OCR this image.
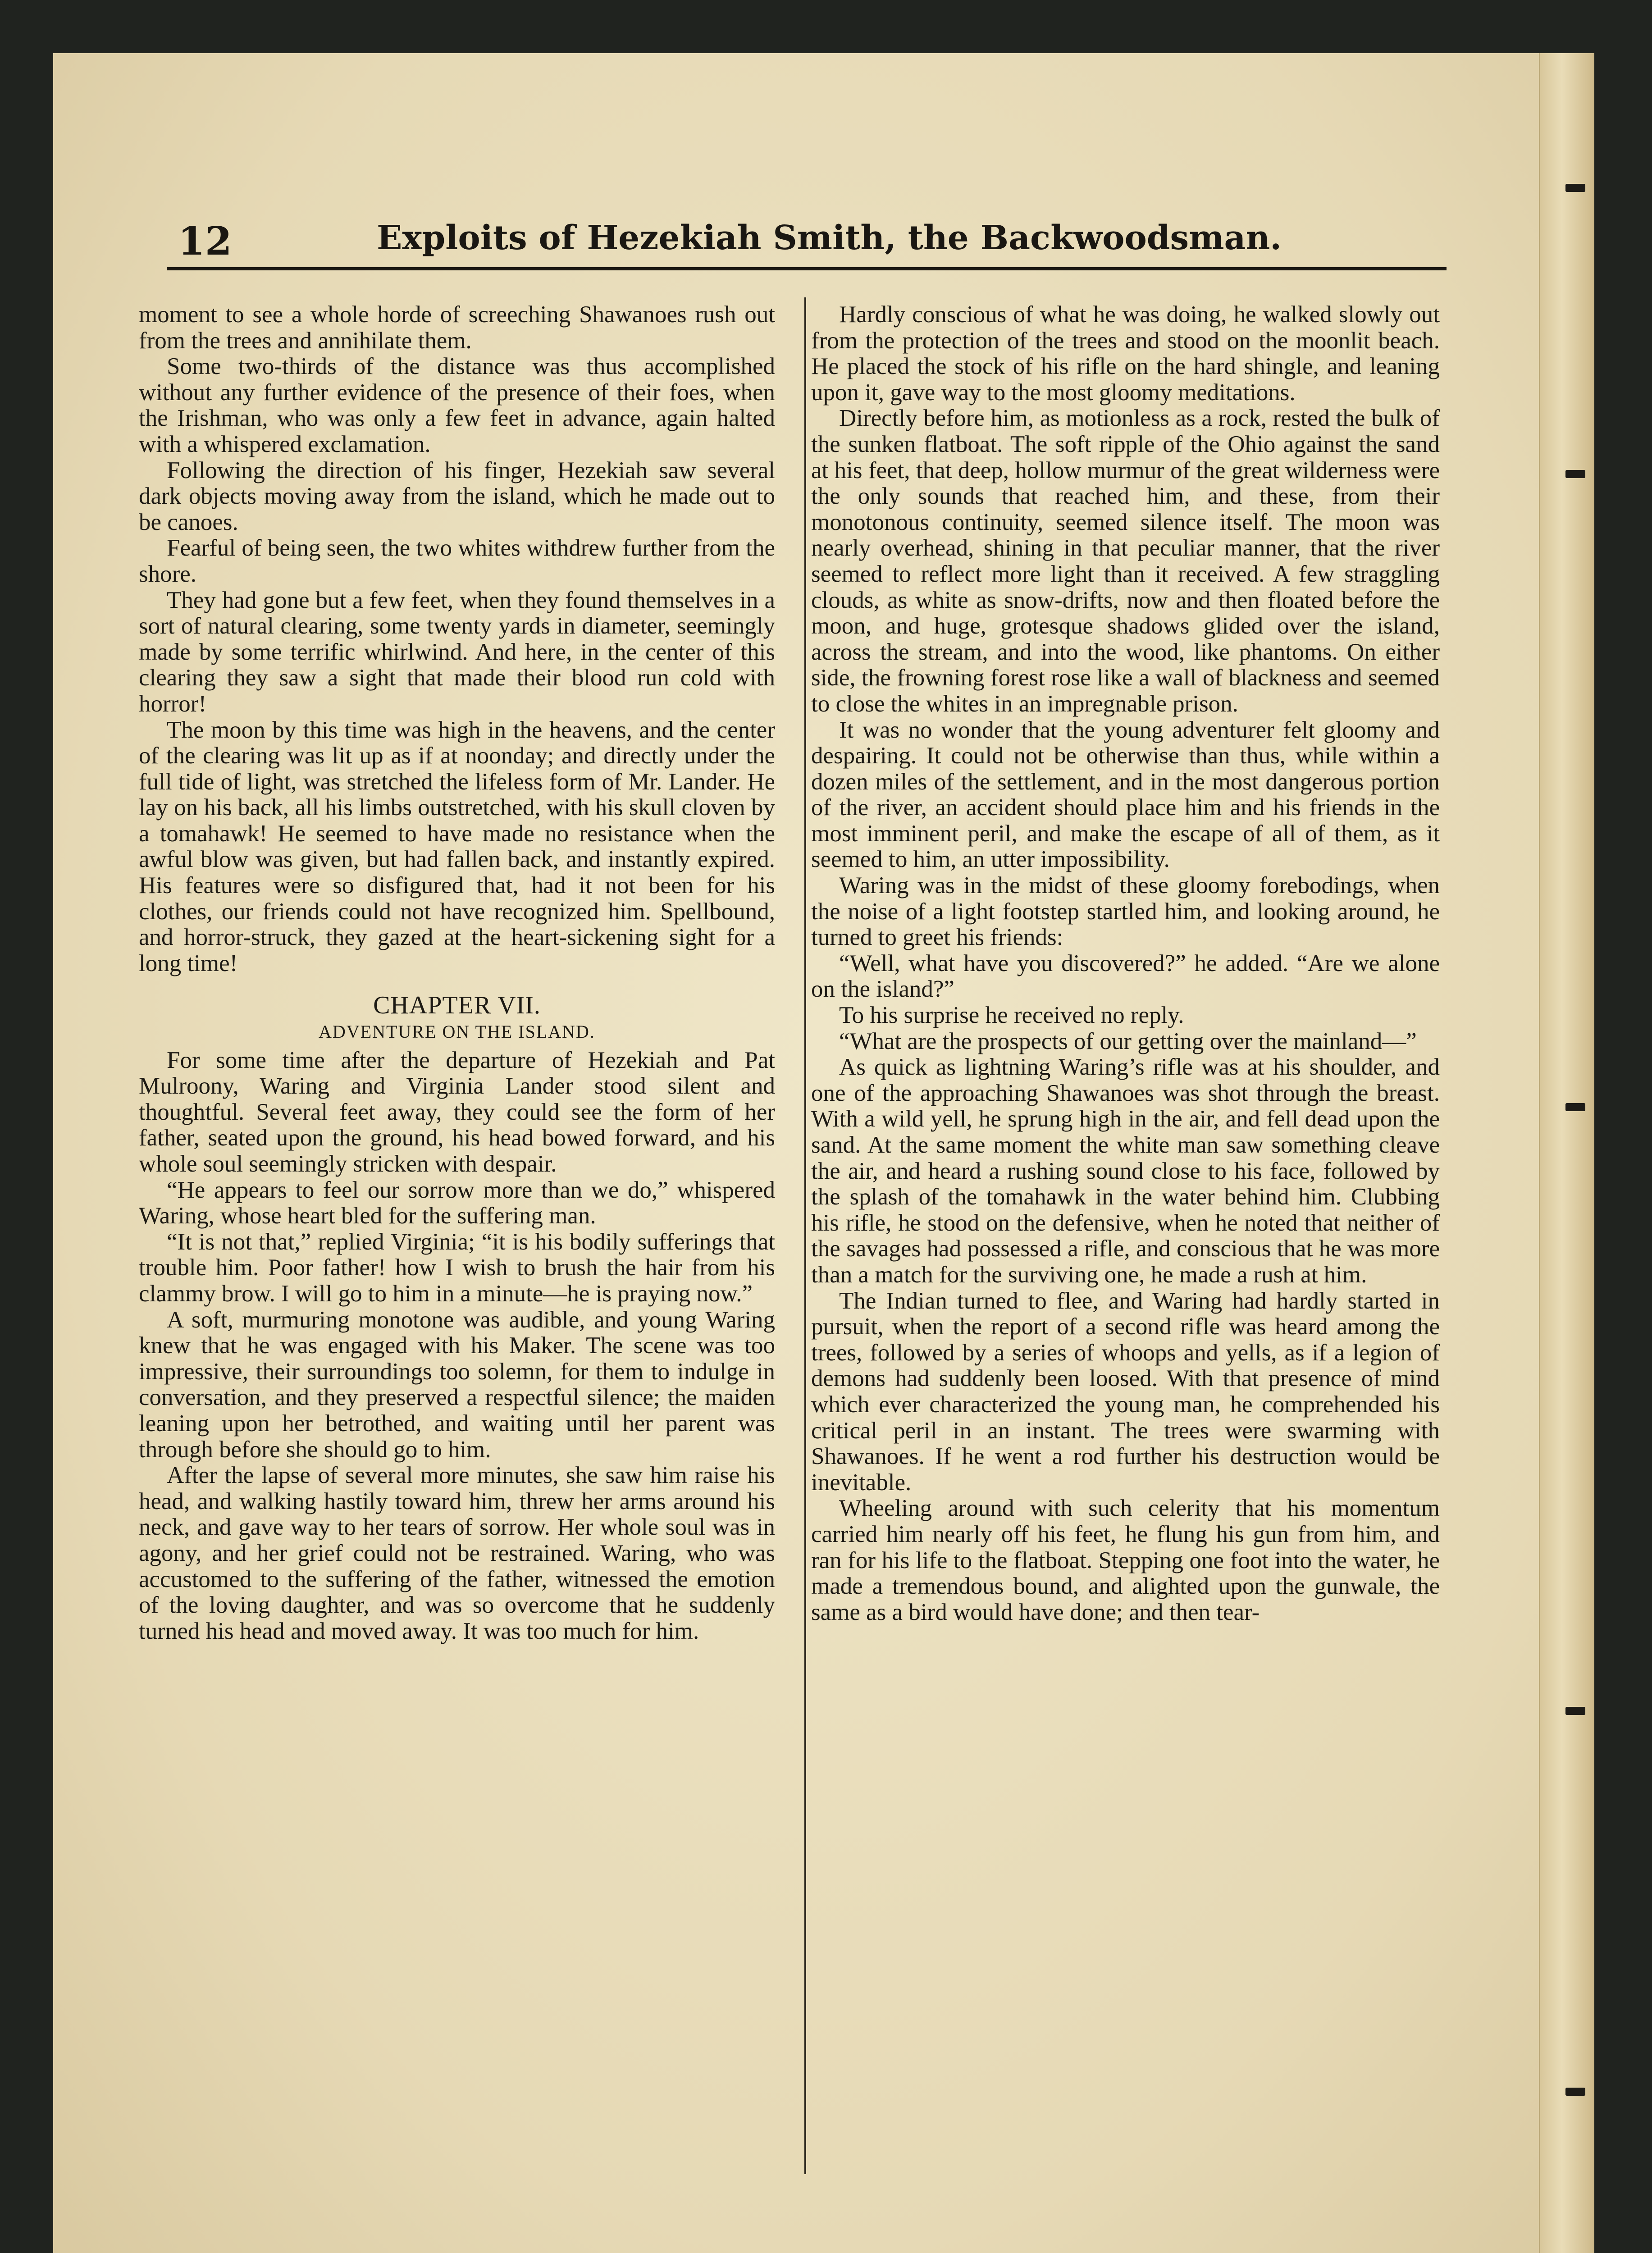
12	Exploits of Hezekiah Smith, the Backwoodsman.

moment to see a whole horde of screeching Shawanoes rush out from the trees and annihilate them.

Some two-thirds of the distance was thus accomplished without any further evidence of the presence of their foes, when the Irishman, who was only a few feet in advance, again halted with a whispered exclamation.

Following the direction of his finger, Hezekiah saw several dark objects moving away from the island, which he made out to be canoes.

Fearful of being seen, the two whites withdrew further from the shore.

They had gone but a few feet, when they found themselves in a sort of natural clearing, some twenty yards in diameter, seemingly made by some terrific whirlwind. And here, in the center of this clearing they saw a sight that made their blood run cold with horror!

The moon by this time was high in the heavens, and the center of the clearing was lit up as if at noonday; and directly under the full tide of light, was stretched the lifeless form of Mr. Lander. He lay on his back, all his limbs outstretched, with his skull cloven by a tomahawk! He seemed to have made no resistance when the awful blow was given, but had fallen back, and instantly expired. His features were so disfigured that, had it not been for his clothes, our friends could not have recognized him. Spellbound, and horror-struck, they gazed at the heart-sickening sight for a long time!

CHAPTER VII.
ADVENTURE ON THE ISLAND.

For some time after the departure of Hezekiah and Pat Mulroony, Waring and Virginia Lander stood silent and thoughtful. Several feet away, they could see the form of her father, seated upon the ground, his head bowed forward, and his whole soul seemingly stricken with despair.

“He appears to feel our sorrow more than we do,” whispered Waring, whose heart bled for the suffering man.

“It is not that,” replied Virginia; “it is his bodily sufferings that trouble him. Poor father! how I wish to brush the hair from his clammy brow. I will go to him in a minute—he is praying now.”

A soft, murmuring monotone was audible, and young Waring knew that he was engaged with his Maker. The scene was too impressive, their surroundings too solemn, for them to indulge in conversation, and they preserved a respectful silence; the maiden leaning upon her betrothed, and waiting until her parent was through before she should go to him.

After the lapse of several more minutes, she saw him raise his head, and walking hastily toward him, threw her arms around his neck, and gave way to her tears of sorrow. Her whole soul was in agony, and her grief could not be restrained. Waring, who was accustomed to the suffering of the father, witnessed the emotion of the loving daughter, and was so overcome that he suddenly turned his head and moved away. It was too much for him.

Hardly conscious of what he was doing, he walked slowly out from the protection of the trees and stood on the moonlit beach. He placed the stock of his rifle on the hard shingle, and leaning upon it, gave way to the most gloomy meditations.

Directly before him, as motionless as a rock, rested the bulk of the sunken flatboat. The soft ripple of the Ohio against the sand at his feet, that deep, hollow murmur of the great wilderness were the only sounds that reached him, and these, from their monotonous continuity, seemed silence itself. The moon was nearly overhead, shining in that peculiar manner, that the river seemed to reflect more light than it received. A few straggling clouds, as white as snow-drifts, now and then floated before the moon, and huge, grotesque shadows glided over the island, across the stream, and into the wood, like phantoms. On either side, the frowning forest rose like a wall of blackness and seemed to close the whites in an impregnable prison.

It was no wonder that the young adventurer felt gloomy and despairing. It could not be otherwise than thus, while within a dozen miles of the settlement, and in the most dangerous portion of the river, an accident should place him and his friends in the most imminent peril, and make the escape of all of them, as it seemed to him, an utter impossibility.

Waring was in the midst of these gloomy forebodings, when the noise of a light footstep startled him, and looking around, he turned to greet his friends:

“Well, what have you discovered?” he added. “Are we alone on the island?”

To his surprise he received no reply.

“What are the prospects of our getting over the mainland—”

As quick as lightning Waring’s rifle was at his shoulder, and one of the approaching Shawanoes was shot through the breast. With a wild yell, he sprung high in the air, and fell dead upon the sand. At the same moment the white man saw something cleave the air, and heard a rushing sound close to his face, followed by the splash of the tomahawk in the water behind him. Clubbing his rifle, he stood on the defensive, when he noted that neither of the savages had possessed a rifle, and conscious that he was more than a match for the surviving one, he made a rush at him.

The Indian turned to flee, and Waring had hardly started in pursuit, when the report of a second rifle was heard among the trees, followed by a series of whoops and yells, as if a legion of demons had suddenly been loosed. With that presence of mind which ever characterized the young man, he comprehended his critical peril in an instant. The trees were swarming with Shawanoes. If he went a rod further his destruction would be inevitable.

Wheeling around with such celerity that his momentum carried him nearly off his feet, he flung his gun from him, and ran for his life to the flatboat. Stepping one foot into the water, he made a tremendous bound, and alighted upon the gunwale, the same as a bird would have done; and then tear-
